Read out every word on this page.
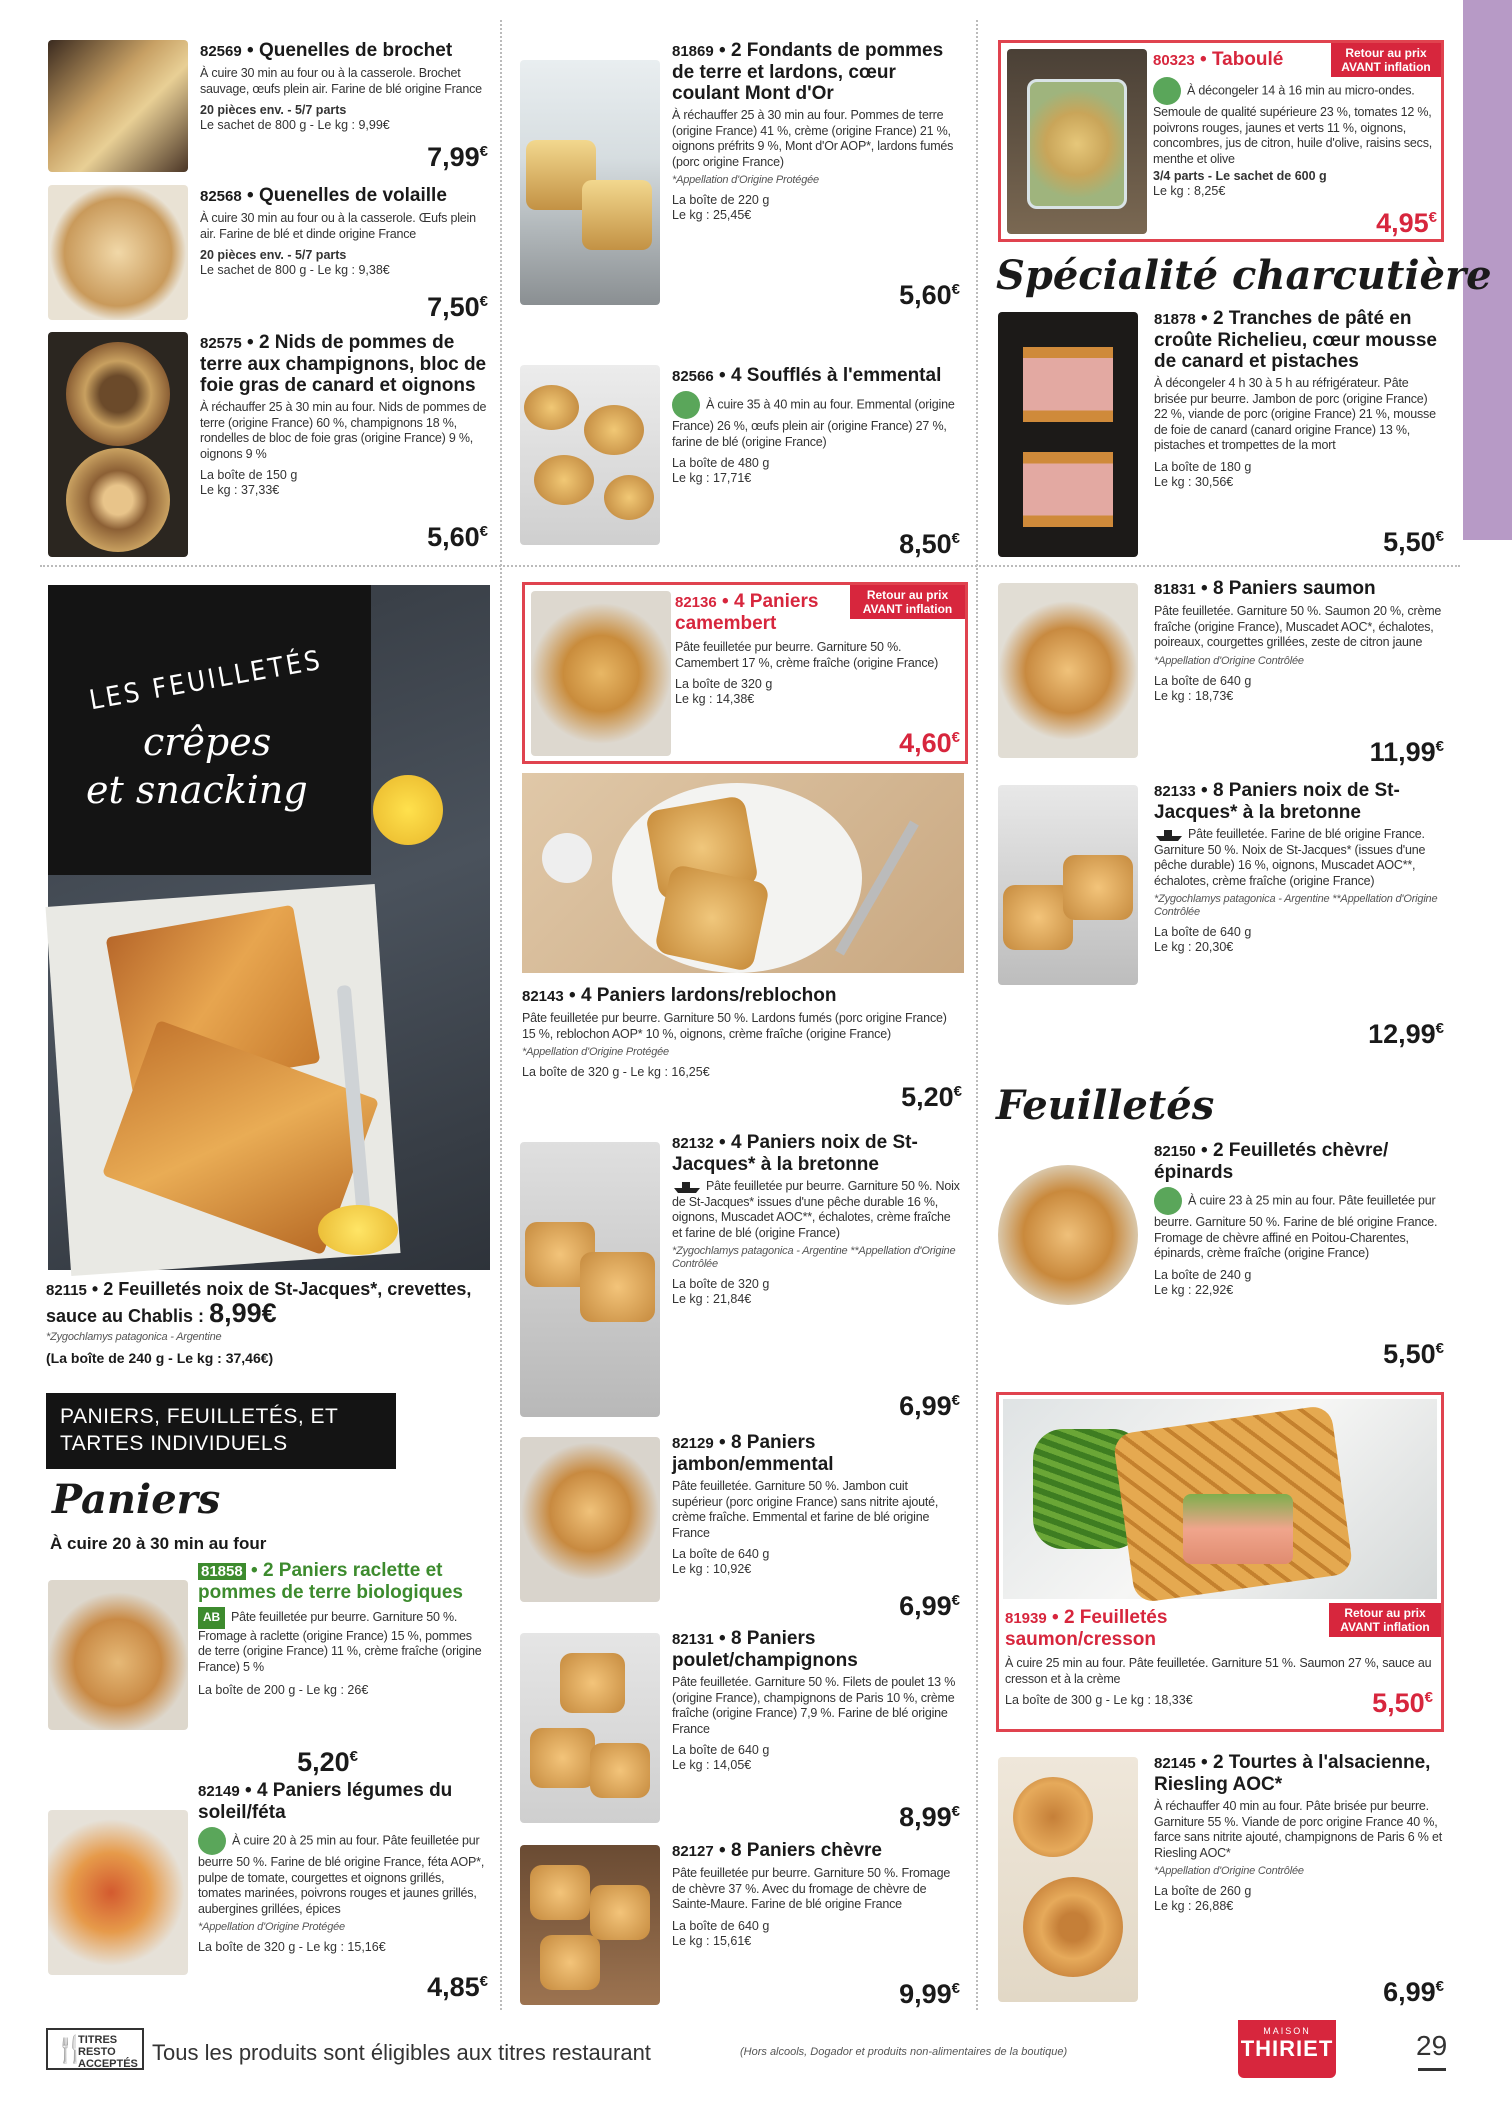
82569 • Quenelles de brochet
À cuire 30 min au four ou à la casserole. Brochet sauvage, œufs plein air. Farine de blé origine France
20 pièces env. - 5/7 parts
Le sachet de 800 g - Le kg : 9,99€
7,99€
82568 • Quenelles de volaille
À cuire 30 min au four ou à la casserole. Œufs plein air. Farine de blé et dinde origine France
20 pièces env. - 5/7 parts
Le sachet de 800 g - Le kg : 9,38€
7,50€
82575 • 2 Nids de pommes de terre aux champignons, bloc de foie gras de canard et oignons
À réchauffer 25 à 30 min au four. Nids de pommes de terre (origine France) 60 %, champignons 18 %, rondelles de bloc de foie gras (origine France) 9 %, oignons 9 %
La boîte de 150 g
Le kg : 37,33€
5,60€
LES FEUILLETÉS
crêpes
et snacking
82115 • 2 Feuilletés noix de St-Jacques*, crevettes, sauce au Chablis : 8,99€
*Zygochlamys patagonica - Argentine
(La boîte de 240 g - Le kg : 37,46€)
PANIERS, FEUILLETÉS, ET TARTES INDIVIDUELS
Paniers
À cuire 20 à 30 min au four
81858 • 2 Paniers raclette et pommes de terre biologiques
AB Pâte feuilletée pur beurre. Garniture 50 %. Fromage à raclette (origine France) 15 %, pommes de terre (origine France) 11 %, crème fraîche (origine France) 5 %
La boîte de 200 g - Le kg : 26€
5,20€
82149 • 4 Paniers légumes du soleil/féta
À cuire 20 à 25 min au four. Pâte feuilletée pur beurre 50 %. Farine de blé origine France, féta AOP*, pulpe de tomate, courgettes et oignons grillés, tomates marinées, poivrons rouges et jaunes grillés, aubergines grillées, épices
*Appellation d'Origine Protégée
La boîte de 320 g - Le kg : 15,16€
4,85€
81869 • 2 Fondants de pommes de terre et lardons, cœur coulant Mont d'Or
À réchauffer 25 à 30 min au four. Pommes de terre (origine France) 41 %, crème (origine France) 21 %, oignons préfrits 9 %, Mont d'Or AOP*, lardons fumés (porc origine France)
*Appellation d'Origine Protégée
La boîte de 220 g
Le kg : 25,45€
5,60€
82566 • 4 Soufflés à l'emmental
À cuire 35 à 40 min au four. Emmental (origine France) 26 %, œufs plein air (origine France) 27 %, farine de blé (origine France)
La boîte de 480 g
Le kg : 17,71€
8,50€
Retour au prix AVANT inflation
82136 • 4 Paniers camembert
Pâte feuilletée pur beurre. Garniture 50 %. Camembert 17 %, crème fraîche (origine France)
La boîte de 320 g
Le kg : 14,38€
4,60€
82143 • 4 Paniers lardons/reblochon
Pâte feuilletée pur beurre. Garniture 50 %. Lardons fumés (porc origine France) 15 %, reblochon AOP* 10 %, oignons, crème fraîche (origine France)
*Appellation d'Origine Protégée
La boîte de 320 g - Le kg : 16,25€
5,20€
82132 • 4 Paniers noix de St-Jacques* à la bretonne
Pâte feuilletée pur beurre. Garniture 50 %. Noix de St-Jacques* issues d'une pêche durable 16 %, oignons, Muscadet AOC**, échalotes, crème fraîche et farine de blé (origine France)
*Zygochlamys patagonica - Argentine **Appellation d'Origine Contrôlée
La boîte de 320 g
Le kg : 21,84€
6,99€
82129 • 8 Paniers jambon/emmental
Pâte feuilletée. Garniture 50 %. Jambon cuit supérieur (porc origine France) sans nitrite ajouté, crème fraîche. Emmental et farine de blé origine France
La boîte de 640 g
Le kg : 10,92€
6,99€
82131 • 8 Paniers poulet/champignons
Pâte feuilletée. Garniture 50 %. Filets de poulet 13 % (origine France), champignons de Paris 10 %, crème fraîche (origine France) 7,9 %. Farine de blé origine France
La boîte de 640 g
Le kg : 14,05€
8,99€
82127 • 8 Paniers chèvre
Pâte feuilletée pur beurre. Garniture 50 %. Fromage de chèvre 37 %. Avec du fromage de chèvre de Sainte-Maure. Farine de blé origine France
La boîte de 640 g
Le kg : 15,61€
9,99€
Retour au prix AVANT inflation
80323 • Taboulé
À décongeler 14 à 16 min au micro-ondes. Semoule de qualité supérieure 23 %, tomates 12 %, poivrons rouges, jaunes et verts 11 %, oignons, concombres, jus de citron, huile d'olive, raisins secs, menthe et olive
3/4 parts - Le sachet de 600 g
Le kg : 8,25€
4,95€
Spécialité charcutière
81878 • 2 Tranches de pâté en croûte Richelieu, cœur mousse de canard et pistaches
À décongeler 4 h 30 à 5 h au réfrigérateur. Pâte brisée pur beurre. Jambon de porc (origine France) 22 %, viande de porc (origine France) 21 %, mousse de foie de canard (canard origine France) 13 %, pistaches et trompettes de la mort
La boîte de 180 g
Le kg : 30,56€
5,50€
81831 • 8 Paniers saumon
Pâte feuilletée. Garniture 50 %. Saumon 20 %, crème fraîche (origine France), Muscadet AOC*, échalotes, poireaux, courgettes grillées, zeste de citron jaune
*Appellation d'Origine Contrôlée
La boîte de 640 g
Le kg : 18,73€
11,99€
82133 • 8 Paniers noix de St-Jacques* à la bretonne
Pâte feuilletée. Farine de blé origine France. Garniture 50 %. Noix de St-Jacques* (issues d'une pêche durable) 16 %, oignons, Muscadet AOC**, échalotes, crème fraîche (origine France)
*Zygochlamys patagonica - Argentine **Appellation d'Origine Contrôlée
La boîte de 640 g
Le kg : 20,30€
12,99€
Feuilletés
82150 • 2 Feuilletés chèvre/épinards
À cuire 23 à 25 min au four. Pâte feuilletée pur beurre. Garniture 50 %. Farine de blé origine France. Fromage de chèvre affiné en Poitou-Charentes, épinards, crème fraîche (origine France)
La boîte de 240 g
Le kg : 22,92€
5,50€
Retour au prix AVANT inflation
81939 • 2 Feuilletés saumon/cresson
À cuire 25 min au four. Pâte feuilletée. Garniture 51 %. Saumon 27 %, sauce au cresson et à la crème
La boîte de 300 g - Le kg : 18,33€	5,50€
82145 • 2 Tourtes à l'alsacienne, Riesling AOC*
À réchauffer 40 min au four. Pâte brisée pur beurre. Garniture 55 %. Viande de porc origine France 40 %, farce sans nitrite ajouté, champignons de Paris 6 % et Riesling AOC*
*Appellation d'Origine Contrôlée
La boîte de 260 g
Le kg : 26,88€
6,99€
🍴
TITRES RESTO ACCEPTÉS Tous les produits sont éligibles aux titres restaurant	(Hors alcools, Dogador et produits non-alimentaires de la boutique)
MAISON
THIRIET	29
